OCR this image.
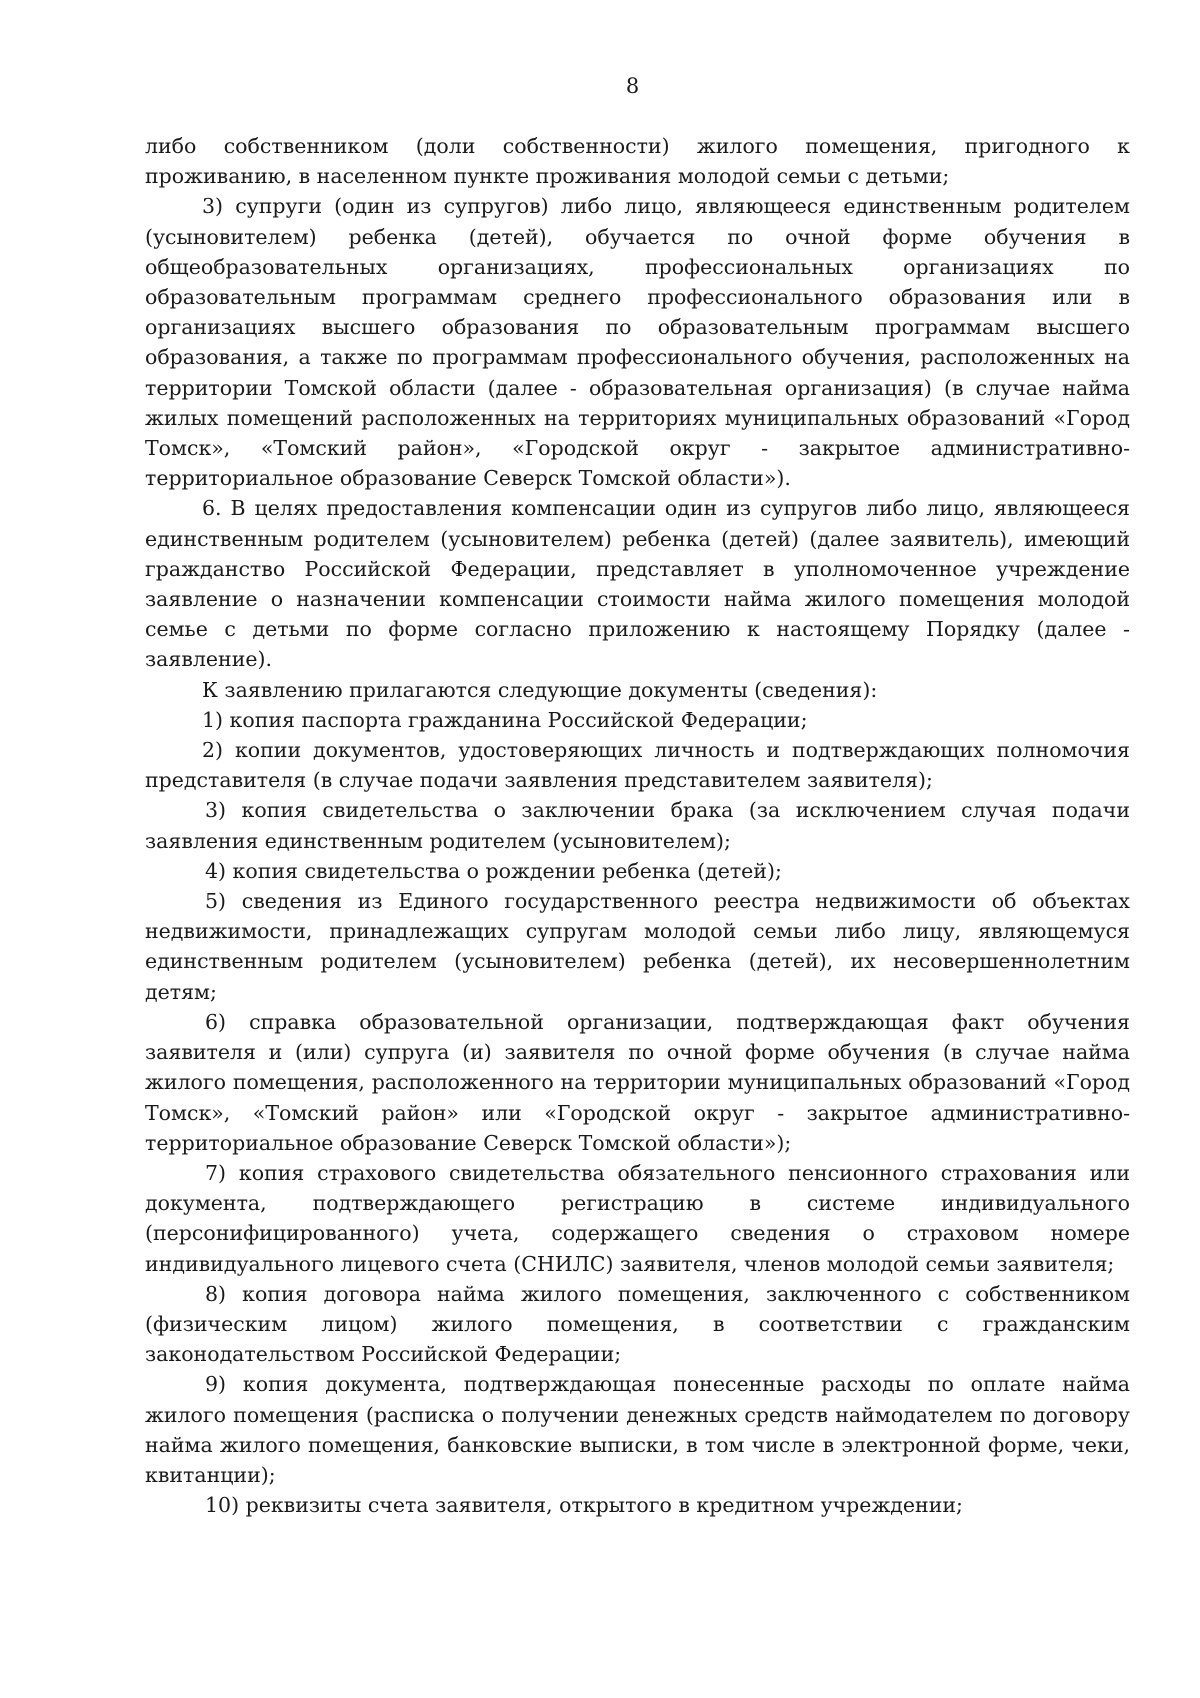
8

либо собственником (доли собственности) жилого помещения, пригодного к проживанию, в населенном пункте проживания молодой семьи с детьми;

3) супруги (один из супругов) либо лицо, являющееся единственным родителем (усыновителем) ребенка (детей), обучается по очной форме обучения в общеобразовательных организациях, профессиональных организациях по образовательным программам среднего профессионального образования или в организациях высшего образования по образовательным программам высшего образования, а также по программам профессионального обучения, расположенных на территории Томской области (далее - образовательная организация) (в случае найма жилых помещений расположенных на территориях муниципальных образований «Город Томск», «Томский район», «Городской округ - закрытое административно-территориальное образование Северск Томской области»).

6. В целях предоставления компенсации один из супругов либо лицо, являющееся единственным родителем (усыновителем) ребенка (детей) (далее заявитель), имеющий гражданство Российской Федерации, представляет в уполномоченное учреждение заявление о назначении компенсации стоимости найма жилого помещения молодой семье с детьми по форме согласно приложению к настоящему Порядку (далее - заявление).

К заявлению прилагаются следующие документы (сведения):

1) копия паспорта гражданина Российской Федерации;

2) копии документов, удостоверяющих личность и подтверждающих полномочия представителя (в случае подачи заявления представителем заявителя);

3) копия свидетельства о заключении брака (за исключением случая подачи заявления единственным родителем (усыновителем);

4) копия свидетельства о рождении ребенка (детей);

5) сведения из Единого государственного реестра недвижимости об объектах недвижимости, принадлежащих супругам молодой семьи либо лицу, являющемуся единственным родителем (усыновителем) ребенка (детей), их несовершеннолетним детям;

6) справка образовательной организации, подтверждающая факт обучения заявителя и (или) супруга (и) заявителя по очной форме обучения (в случае найма жилого помещения, расположенного на территории муниципальных образований «Город Томск», «Томский район» или «Городской округ - закрытое административно-территориальное образование Северск Томской области»);

7) копия страхового свидетельства обязательного пенсионного страхования или документа, подтверждающего регистрацию в системе индивидуального (персонифицированного) учета, содержащего сведения о страховом номере индивидуального лицевого счета (СНИЛС) заявителя, членов молодой семьи заявителя;

8) копия договора найма жилого помещения, заключенного с собственником (физическим лицом) жилого помещения, в соответствии с гражданским законодательством Российской Федерации;

9) копия документа, подтверждающая понесенные расходы по оплате найма жилого помещения (расписка о получении денежных средств наймодателем по договору найма жилого помещения, банковские выписки, в том числе в электронной форме, чеки, квитанции);

10) реквизиты счета заявителя, открытого в кредитном учреждении;
